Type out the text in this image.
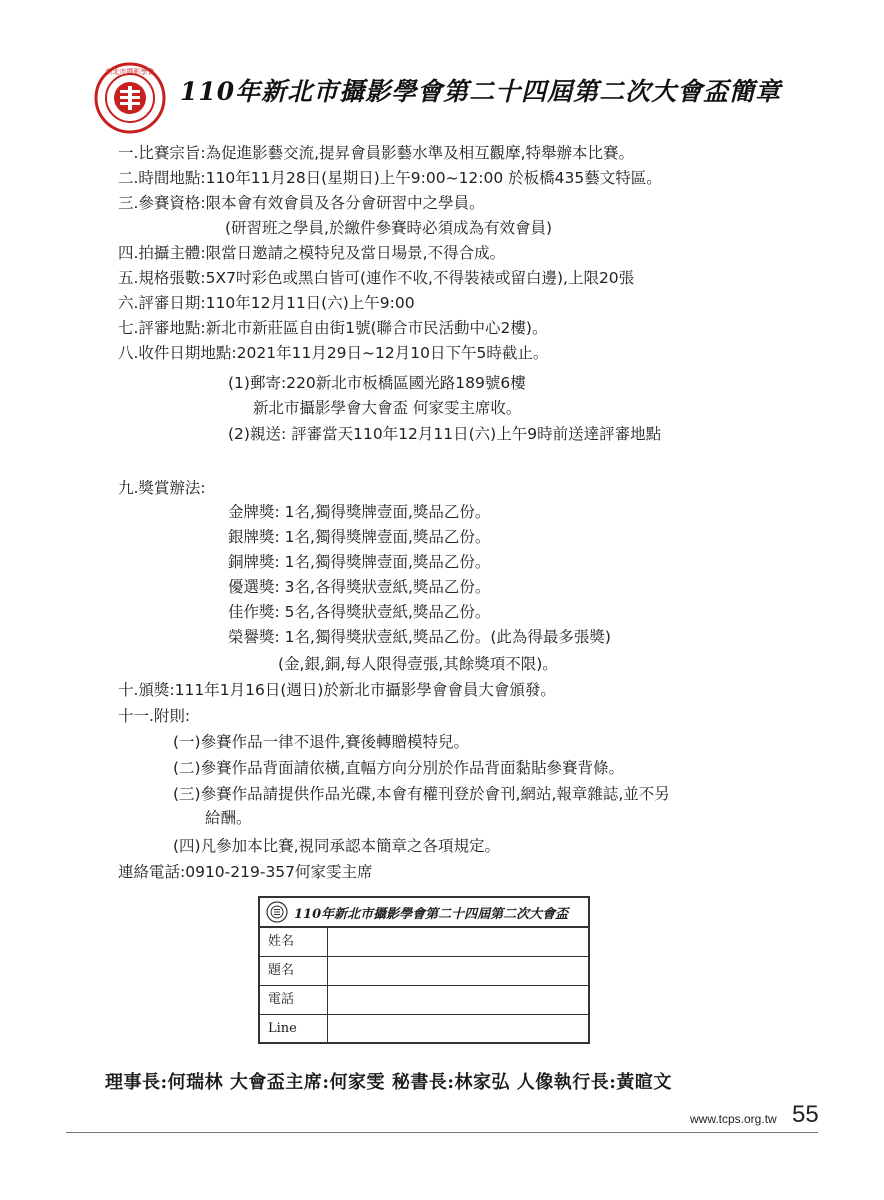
新北市攝影學會
110年新北市攝影學會第二十四屆第二次大會盃簡章
一.比賽宗旨:為促進影藝交流,提昇會員影藝水準及相互觀摩,特舉辦本比賽。
二.時間地點:110年11月28日(星期日)上午9:00~12:00 於板橋435藝文特區。
三.參賽資格:限本會有效會員及各分會研習中之學員。
(研習班之學員,於繳件參賽時必須成為有效會員)
四.拍攝主體:限當日邀請之模特兒及當日場景,不得合成。
五.規格張數:5X7吋彩色或黑白皆可(連作不收,不得裝裱或留白邊),上限20張
六.評審日期:110年12月11日(六)上午9:00
七.評審地點:新北市新莊區自由街1號(聯合市民活動中心2樓)。
八.收件日期地點:2021年11月29日~12月10日下午5時截止。
(1)郵寄:220新北市板橋區國光路189號6樓
新北市攝影學會大會盃 何家雯主席收。
(2)親送: 評審當天110年12月11日(六)上午9時前送達評審地點
九.獎賞辦法:
金牌獎: 1名,獨得獎牌壹面,獎品乙份。
銀牌獎: 1名,獨得獎牌壹面,獎品乙份。
銅牌獎: 1名,獨得獎牌壹面,獎品乙份。
優選獎: 3名,各得獎狀壹紙,獎品乙份。
佳作獎: 5名,各得獎狀壹紙,獎品乙份。
榮譽獎: 1名,獨得獎狀壹紙,獎品乙份。(此為得最多張獎)
(金,銀,銅,每人限得壹張,其餘獎項不限)。
十.頒獎:111年1月16日(週日)於新北市攝影學會會員大會頒發。
十一.附則:
(一)參賽作品一律不退件,賽後轉贈模特兒。
(二)參賽作品背面請依橫,直幅方向分別於作品背面黏貼參賽背條。
(三)參賽作品請提供作品光碟,本會有權刊登於會刊,網站,報章雜誌,並不另
給酬。
(四)凡參加本比賽,視同承認本簡章之各項規定。
連絡電話:0910-219-357何家雯主席
110年新北市攝影學會第二十四屆第二次大會盃
姓名
題名
電話
Line
理事長:何瑞林 大會盃主席:何家雯 秘書長:林家弘 人像執行長:黃暄文
www.tcps.org.tw 55
